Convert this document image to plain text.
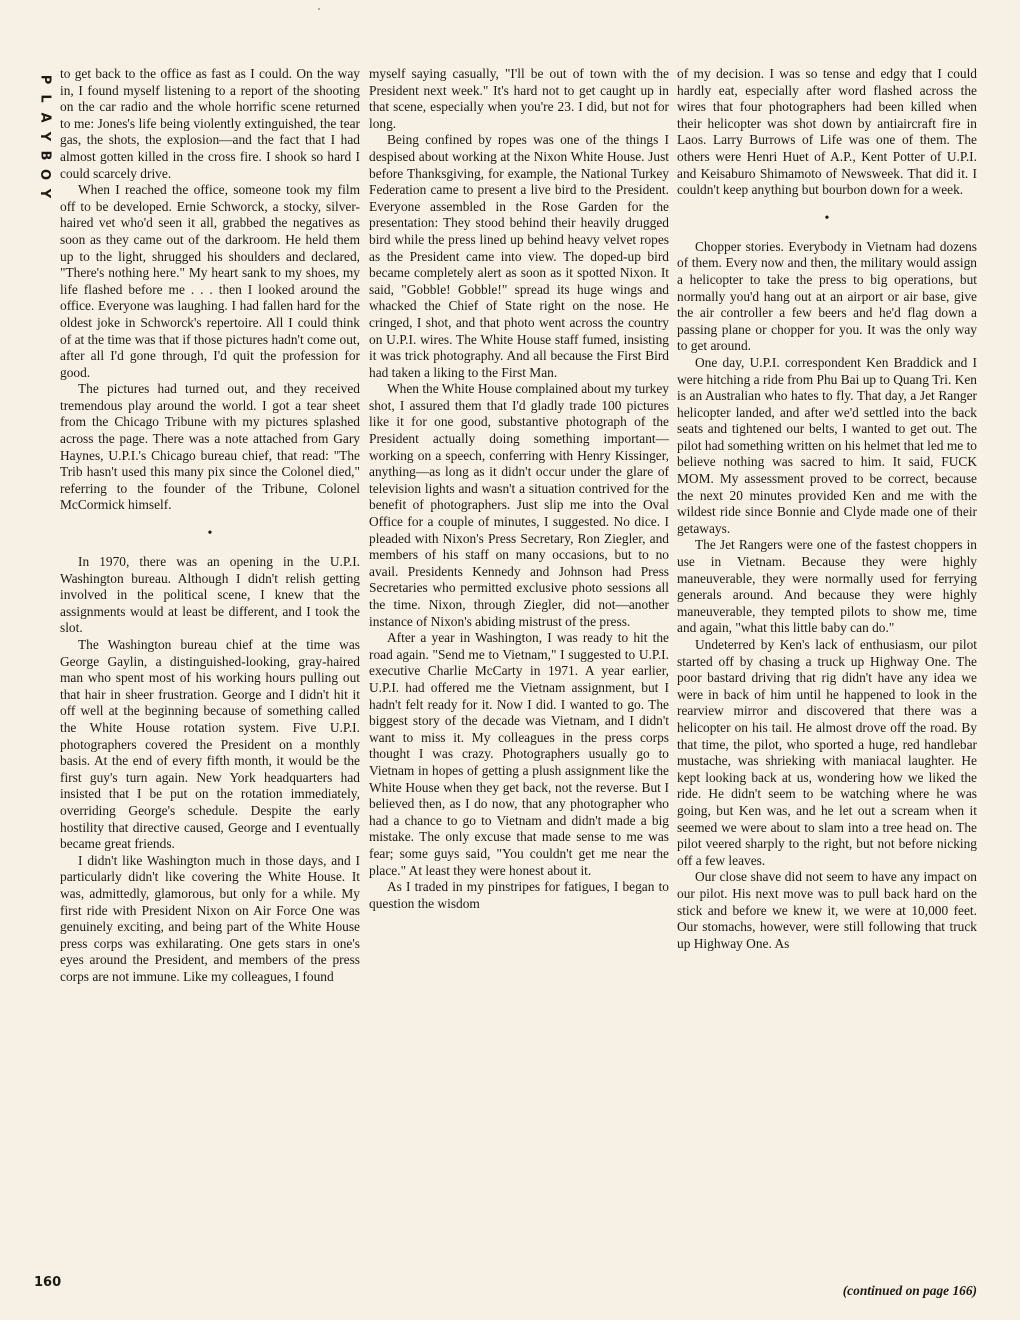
P
L
A
Y
B
O
Y

to get back to the office as fast as I could. On the way in, I found myself listening to a report of the shooting on the car radio and the whole horrific scene returned to me: Jones's life being violently extinguished, the tear gas, the shots, the explosion—and the fact that I had almost gotten killed in the cross fire. I shook so hard I could scarcely drive.

When I reached the office, someone took my film off to be developed. Ernie Schworck, a stocky, silver-haired vet who'd seen it all, grabbed the negatives as soon as they came out of the darkroom. He held them up to the light, shrugged his shoulders and declared, "There's nothing here." My heart sank to my shoes, my life flashed before me . . . then I looked around the office. Everyone was laughing. I had fallen hard for the oldest joke in Schworck's repertoire. All I could think of at the time was that if those pictures hadn't come out, after all I'd gone through, I'd quit the profession for good.

The pictures had turned out, and they received tremendous play around the world. I got a tear sheet from the Chicago Tribune with my pictures splashed across the page. There was a note attached from Gary Haynes, U.P.I.'s Chicago bureau chief, that read: "The Trib hasn't used this many pix since the Colonel died," referring to the founder of the Tribune, Colonel McCormick himself.

•

In 1970, there was an opening in the U.P.I. Washington bureau. Although I didn't relish getting involved in the political scene, I knew that the assignments would at least be different, and I took the slot.

The Washington bureau chief at the time was George Gaylin, a distinguished-looking, gray-haired man who spent most of his working hours pulling out that hair in sheer frustration. George and I didn't hit it off well at the beginning because of something called the White House rotation system. Five U.P.I. photographers covered the President on a monthly basis. At the end of every fifth month, it would be the first guy's turn again. New York headquarters had insisted that I be put on the rotation immediately, overriding George's schedule. Despite the early hostility that directive caused, George and I eventually became great friends.

I didn't like Washington much in those days, and I particularly didn't like covering the White House. It was, admittedly, glamorous, but only for a while. My first ride with President Nixon on Air Force One was genuinely exciting, and being part of the White House press corps was exhilarating. One gets stars in one's eyes around the President, and members of the press corps are not immune. Like my colleagues, I found

myself saying casually, "I'll be out of town with the President next week." It's hard not to get caught up in that scene, especially when you're 23. I did, but not for long.

Being confined by ropes was one of the things I despised about working at the Nixon White House. Just before Thanksgiving, for example, the National Turkey Federation came to present a live bird to the President. Everyone assembled in the Rose Garden for the presentation: They stood behind their heavily drugged bird while the press lined up behind heavy velvet ropes as the President came into view. The doped-up bird became completely alert as soon as it spotted Nixon. It said, "Gobble! Gobble!" spread its huge wings and whacked the Chief of State right on the nose. He cringed, I shot, and that photo went across the country on U.P.I. wires. The White House staff fumed, insisting it was trick photography. And all because the First Bird had taken a liking to the First Man.

When the White House complained about my turkey shot, I assured them that I'd gladly trade 100 pictures like it for one good, substantive photograph of the President actually doing something important—working on a speech, conferring with Henry Kissinger, anything—as long as it didn't occur under the glare of television lights and wasn't a situation contrived for the benefit of photographers. Just slip me into the Oval Office for a couple of minutes, I suggested. No dice. I pleaded with Nixon's Press Secretary, Ron Ziegler, and members of his staff on many occasions, but to no avail. Presidents Kennedy and Johnson had Press Secretaries who permitted exclusive photo sessions all the time. Nixon, through Ziegler, did not—another instance of Nixon's abiding mistrust of the press.

After a year in Washington, I was ready to hit the road again. "Send me to Vietnam," I suggested to U.P.I. executive Charlie McCarty in 1971. A year earlier, U.P.I. had offered me the Vietnam assignment, but I hadn't felt ready for it. Now I did. I wanted to go. The biggest story of the decade was Vietnam, and I didn't want to miss it. My colleagues in the press corps thought I was crazy. Photographers usually go to Vietnam in hopes of getting a plush assignment like the White House when they get back, not the reverse. But I believed then, as I do now, that any photographer who had a chance to go to Vietnam and didn't made a big mistake. The only excuse that made sense to me was fear; some guys said, "You couldn't get me near the place." At least they were honest about it.

As I traded in my pinstripes for fatigues, I began to question the wisdom

of my decision. I was so tense and edgy that I could hardly eat, especially after word flashed across the wires that four photographers had been killed when their helicopter was shot down by antiaircraft fire in Laos. Larry Burrows of Life was one of them. The others were Henri Huet of A.P., Kent Potter of U.P.I. and Keisaburo Shimamoto of Newsweek. That did it. I couldn't keep anything but bourbon down for a week.

•

Chopper stories. Everybody in Vietnam had dozens of them. Every now and then, the military would assign a helicopter to take the press to big operations, but normally you'd hang out at an airport or air base, give the air controller a few beers and he'd flag down a passing plane or chopper for you. It was the only way to get around.

One day, U.P.I. correspondent Ken Braddick and I were hitching a ride from Phu Bai up to Quang Tri. Ken is an Australian who hates to fly. That day, a Jet Ranger helicopter landed, and after we'd settled into the back seats and tightened our belts, I wanted to get out. The pilot had something written on his helmet that led me to believe nothing was sacred to him. It said, FUCK MOM. My assessment proved to be correct, because the next 20 minutes provided Ken and me with the wildest ride since Bonnie and Clyde made one of their getaways.

The Jet Rangers were one of the fastest choppers in use in Vietnam. Because they were highly maneuverable, they were normally used for ferrying generals around. And because they were highly maneuverable, they tempted pilots to show me, time and again, "what this little baby can do."

Undeterred by Ken's lack of enthusiasm, our pilot started off by chasing a truck up Highway One. The poor bastard driving that rig didn't have any idea we were in back of him until he happened to look in the rearview mirror and discovered that there was a helicopter on his tail. He almost drove off the road. By that time, the pilot, who sported a huge, red handlebar mustache, was shrieking with maniacal laughter. He kept looking back at us, wondering how we liked the ride. He didn't seem to be watching where he was going, but Ken was, and he let out a scream when it seemed we were about to slam into a tree head on. The pilot veered sharply to the right, but not before nicking off a few leaves.

Our close shave did not seem to have any impact on our pilot. His next move was to pull back hard on the stick and before we knew it, we were at 10,000 feet. Our stomachs, however, were still following that truck up Highway One. As

160
(continued on page 166)
